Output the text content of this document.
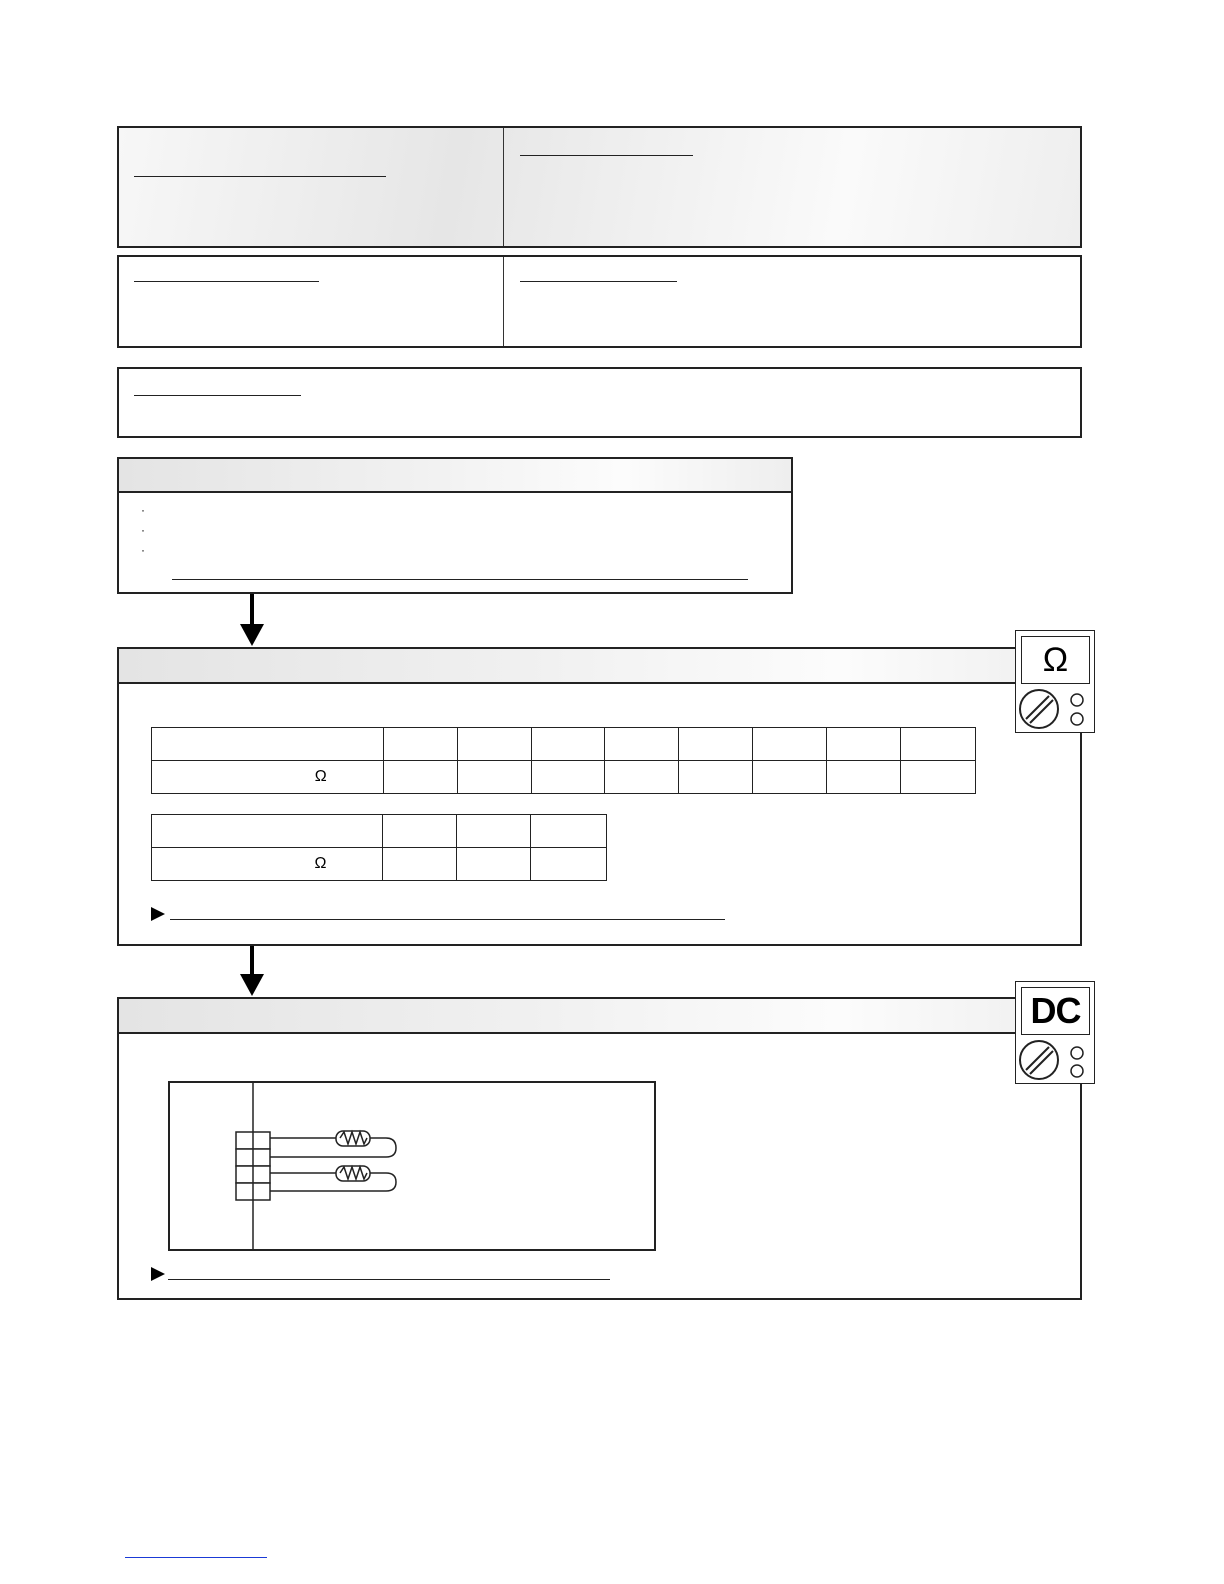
·
·
·

Ω								

Ω			

Ω
DC
